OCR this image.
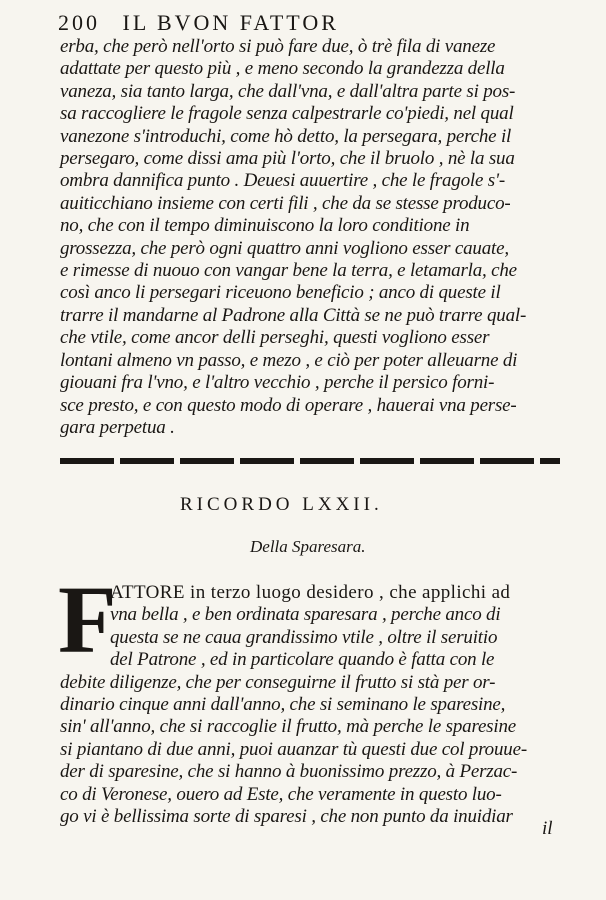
200 IL BVON FATTOR
erba, che però nell'orto si può fare due, ò trè fila di vaneze
adattate per questo più , e meno secondo la grandezza della
vaneza, sia tanto larga, che dall'vna, e dall'altra parte si pos-
sa raccogliere le fragole senza calpestrarle co'piedi, nel qual
vanezone s'introduchi, come hò detto, la persegara, perche il
persegaro, come dissi ama più l'orto, che il bruolo , nè la sua
ombra dannifica punto . Deuesi auuertire , che le fragole s'-
auiticchiano insieme con certi fili , che da se stesse produco-
no, che con il tempo diminuiscono la loro conditione in
grossezza, che però ogni quattro anni vogliono esser cauate,
e rimesse di nuouo con vangar bene la terra, e letamarla, che
così anco li persegari riceuono beneficio ; anco di queste il
trarre il mandarne al Padrone alla Città se ne può trarre qual-
che vtile, come ancor delli perseghi, questi vogliono esser
lontani almeno vn passo, e mezo , e ciò per poter alleuarne di
giouani fra l'vno, e l'altro vecchio , perche il persico forni-
sce presto, e con questo modo di operare , hauerai vna perse-
gara perpetua .
RICORDO LXXII.
Della Sparesara.
F
ATTORE in terzo luogo desidero , che applichi ad
vna bella , e ben ordinata sparesara , perche anco di
questa se ne caua grandissimo vtile , oltre il seruitio
del Patrone , ed in particolare quando è fatta con le
debite diligenze, che per conseguirne il frutto si stà per or-
dinario cinque anni dall'anno, che si seminano le sparesine,
sin' all'anno, che si raccoglie il frutto, mà perche le sparesine
si piantano di due anni, puoi auanzar tù questi due col prouue-
der di sparesine, che si hanno à buonissimo prezzo, à Perzac-
co di Veronese, ouero ad Este, che veramente in questo luo-
go vi è bellissima sorte di sparesi , che non punto da inuidiar
il
